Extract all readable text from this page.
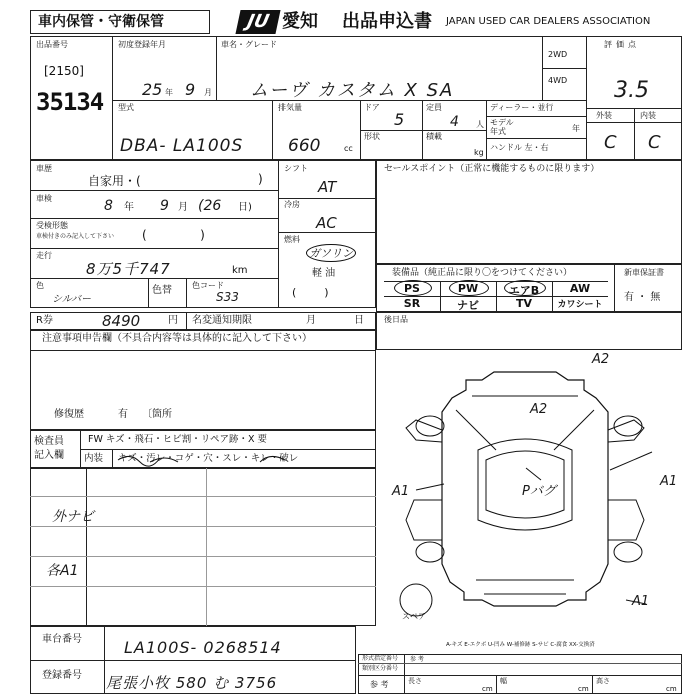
車内保管・守衛保管	JU 愛知 出品申込書 JAPAN USED CAR DEALERS ASSOCIATION
出品番号
[2150]
35134
初度登録年月
25 年 9 月
車名・グレード
ムーヴ カスタム X SA
2WD
4WD
評価点
3.5
外装	内装
C C
型式
DBA- LA100S
排気量
660	cc
ドア
5
定員
4 人
形状	積載
kg
ディーラー・並行
モデル
年式	年
ハンドル 左・右
車歴
自家用・(	)
車検	8 年 9 月 (26 日)
受検形態
車検付きのみ記入して下さい (              )
走行
8万5千747	km
色
シルバー
色替	色コード
S33
シフト
AT
冷房
AC
燃料
ガソリン
軽 油
(        )
セールスポイント（正常に機能するものに限ります）
装備品（純正品に限り〇をつけてください）	新車保証書
有 ・ 無
PS	PW	エアB	AW
SR	ナビ	TV	カワシート
R券	8490	円 名変通知期限	月	日	後日品
注意事項申告欄（不具合内容等は具体的に記入して下さい）
修復歴	有 〔箇所
検査員
記入欄
FW キズ・飛石・ヒビ割・リペア跡・X 要
内装 キズ・汚レ・コゲ・穴・スレ・キレ・破レ
外ナビ
各A1
A2
A2
Pバグ
A1
A1
A1
スペア
A-キズ E-エクボ U-凹み W-補修跡 S-サビ C-腐食 XX-交換済
車台番号	LA100S- 0268514
登録番号 尾張小牧 580 む 3756
形式指定番号
類別区分番号
参 考
参 考
長さ
cm
幅
cm
高さ
cm
